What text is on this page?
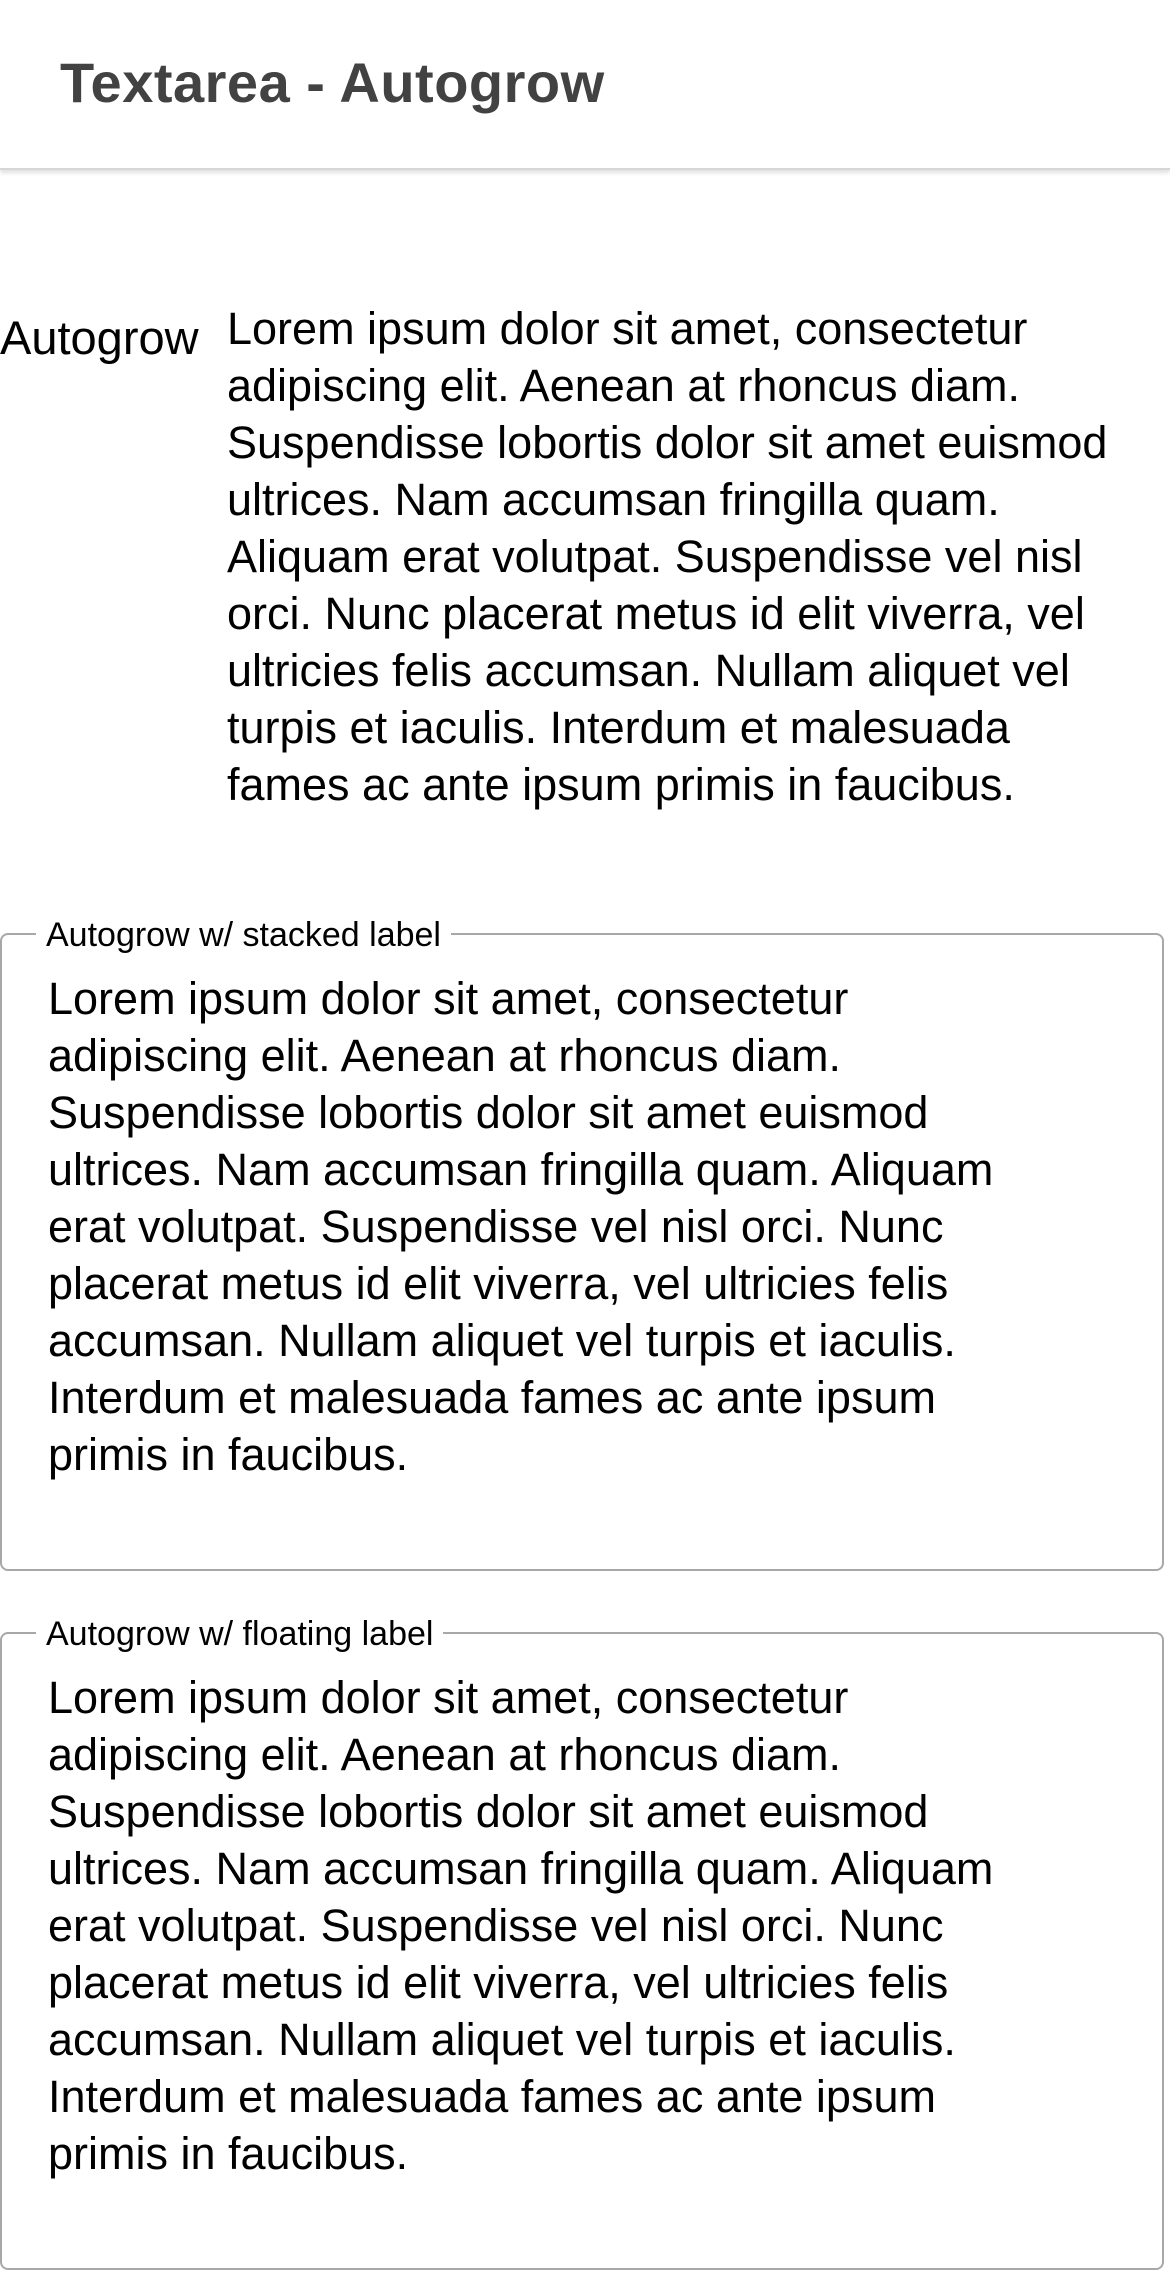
Textarea - Autogrow
Autogrow Lorem ipsum dolor sit amet, consectetur
adipiscing elit. Aenean at rhoncus diam.
Suspendisse lobortis dolor sit amet euismod
ultrices. Nam accumsan fringilla quam.
Aliquam erat volutpat. Suspendisse vel nisl
orci. Nunc placerat metus id elit viverra, vel
ultricies felis accumsan. Nullam aliquet vel
turpis et iaculis. Interdum et malesuada
fames ac ante ipsum primis in faucibus.

Autogrow w/ stacked label

Lorem ipsum dolor sit amet, consectetur
adipiscing elit. Aenean at rhoncus diam.
Suspendisse lobortis dolor sit amet euismod
ultrices. Nam accumsan fringilla quam. Aliquam
erat volutpat. Suspendisse vel nisl orci. Nunc
placerat metus id elit viverra, vel ultricies felis
accumsan. Nullam aliquet vel turpis et iaculis.
Interdum et malesuada fames ac ante ipsum
primis in faucibus.

Autogrow w/ floating label

Lorem ipsum dolor sit amet, consectetur
adipiscing elit. Aenean at rhoncus diam.
Suspendisse lobortis dolor sit amet euismod
ultrices. Nam accumsan fringilla quam. Aliquam
erat volutpat. Suspendisse vel nisl orci. Nunc
placerat metus id elit viverra, vel ultricies felis
accumsan. Nullam aliquet vel turpis et iaculis.
Interdum et malesuada fames ac ante ipsum
primis in faucibus.
